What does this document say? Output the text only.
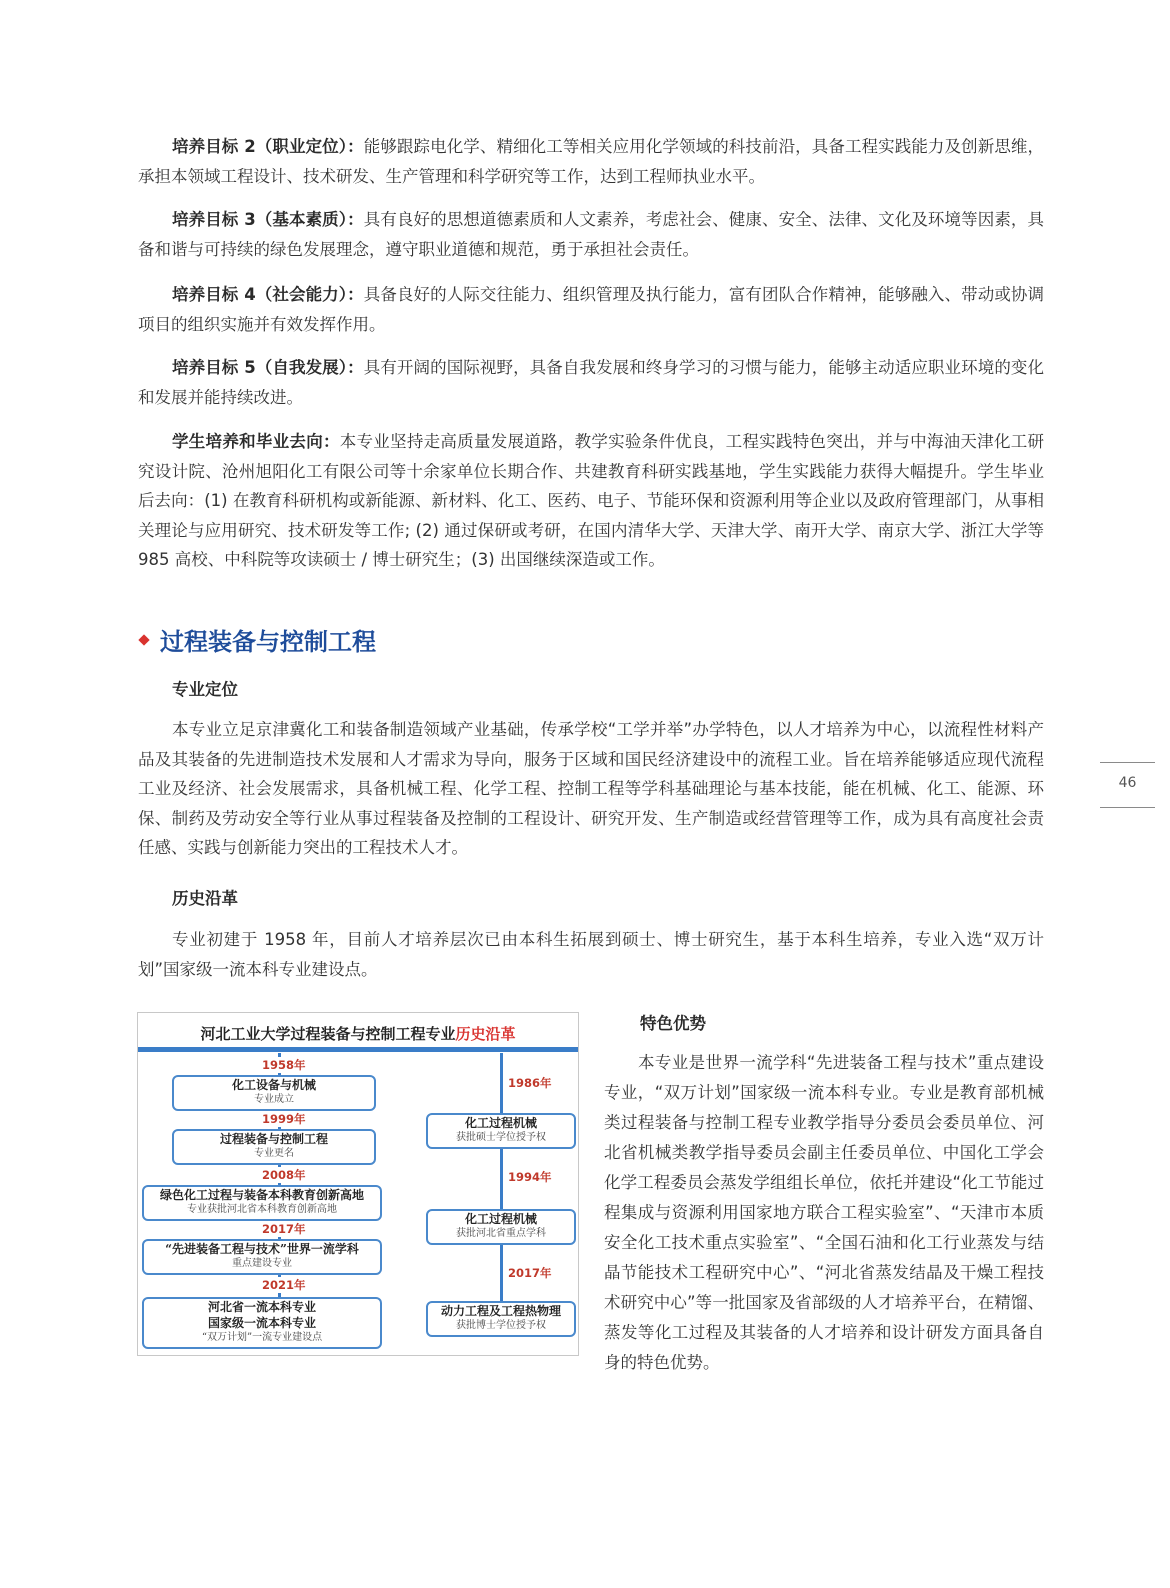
培养目标 2（职业定位）：能够跟踪电化学、精细化工等相关应用化学领域的科技前沿，具备工程实践能力及创新思维，承担本领域工程设计、技术研发、生产管理和科学研究等工作，达到工程师执业水平。

培养目标 3（基本素质）：具有良好的思想道德素质和人文素养，考虑社会、健康、安全、法律、文化及环境等因素，具备和谐与可持续的绿色发展理念，遵守职业道德和规范，勇于承担社会责任。

培养目标 4（社会能力）：具备良好的人际交往能力、组织管理及执行能力，富有团队合作精神，能够融入、带动或协调项目的组织实施并有效发挥作用。

培养目标 5（自我发展）：具有开阔的国际视野，具备自我发展和终身学习的习惯与能力，能够主动适应职业环境的变化和发展并能持续改进。

学生培养和毕业去向：本专业坚持走高质量发展道路，教学实验条件优良，工程实践特色突出，并与中海油天津化工研究设计院、沧州旭阳化工有限公司等十余家单位长期合作、共建教育科研实践基地，学生实践能力获得大幅提升。学生毕业后去向：(1) 在教育科研机构或新能源、新材料、化工、医药、电子、节能环保和资源利用等企业以及政府管理部门，从事相关理论与应用研究、技术研发等工作; (2) 通过保研或考研，在国内清华大学、天津大学、南开大学、南京大学、浙江大学等 985 高校、中科院等攻读硕士 / 博士研究生；(3) 出国继续深造或工作。

过程装备与控制工程
专业定位

本专业立足京津冀化工和装备制造领域产业基础，传承学校“工学并举”办学特色，以人才培养为中心，以流程性材料产品及其装备的先进制造技术发展和人才需求为导向，服务于区域和国民经济建设中的流程工业。旨在培养能够适应现代流程工业及经济、社会发展需求，具备机械工程、化学工程、控制工程等学科基础理论与基本技能，能在机械、化工、能源、环保、制药及劳动安全等行业从事过程装备及控制的工程设计、研究开发、生产制造或经营管理等工作，成为具有高度社会责任感、实践与创新能力突出的工程技术人才。

历史沿革

专业初建于 1958 年，目前人才培养层次已由本科生拓展到硕士、博士研究生，基于本科生培养，专业入选“双万计划”国家级一流本科专业建设点。

特色优势

本专业是世界一流学科“先进装备工程与技术”重点建设专业，“双万计划”国家级一流本科专业。专业是教育部机械类过程装备与控制工程专业教学指导分委员会委员单位、河北省机械类教学指导委员会副主任委员单位、中国化工学会化学工程委员会蒸发学组组长单位，依托并建设“化工节能过程集成与资源利用国家地方联合工程实验室”、“天津市本质安全化工技术重点实验室”、“全国石油和化工行业蒸发与结晶节能技术工程研究中心”、“河北省蒸发结晶及干燥工程技术研究中心”等一批国家及省部级的人才培养平台，在精馏、蒸发等化工过程及其装备的人才培养和设计研发方面具备自身的特色优势。

46
河北工业大学过程装备与控制工程专业历史沿革
1958年
化工设备与机械
专业成立
1999年
过程装备与控制工程
专业更名
2008年
绿色化工过程与装备本科教育创新高地
专业获批河北省本科教育创新高地
2017年
“先进装备工程与技术”世界一流学科
重点建设专业
2021年
河北省一流本科专业
国家级一流本科专业
“双万计划”一流专业建设点
1986年
化工过程机械
获批硕士学位授予权
1994年
化工过程机械
获批河北省重点学科
2017年
动力工程及工程热物理
获批博士学位授予权
